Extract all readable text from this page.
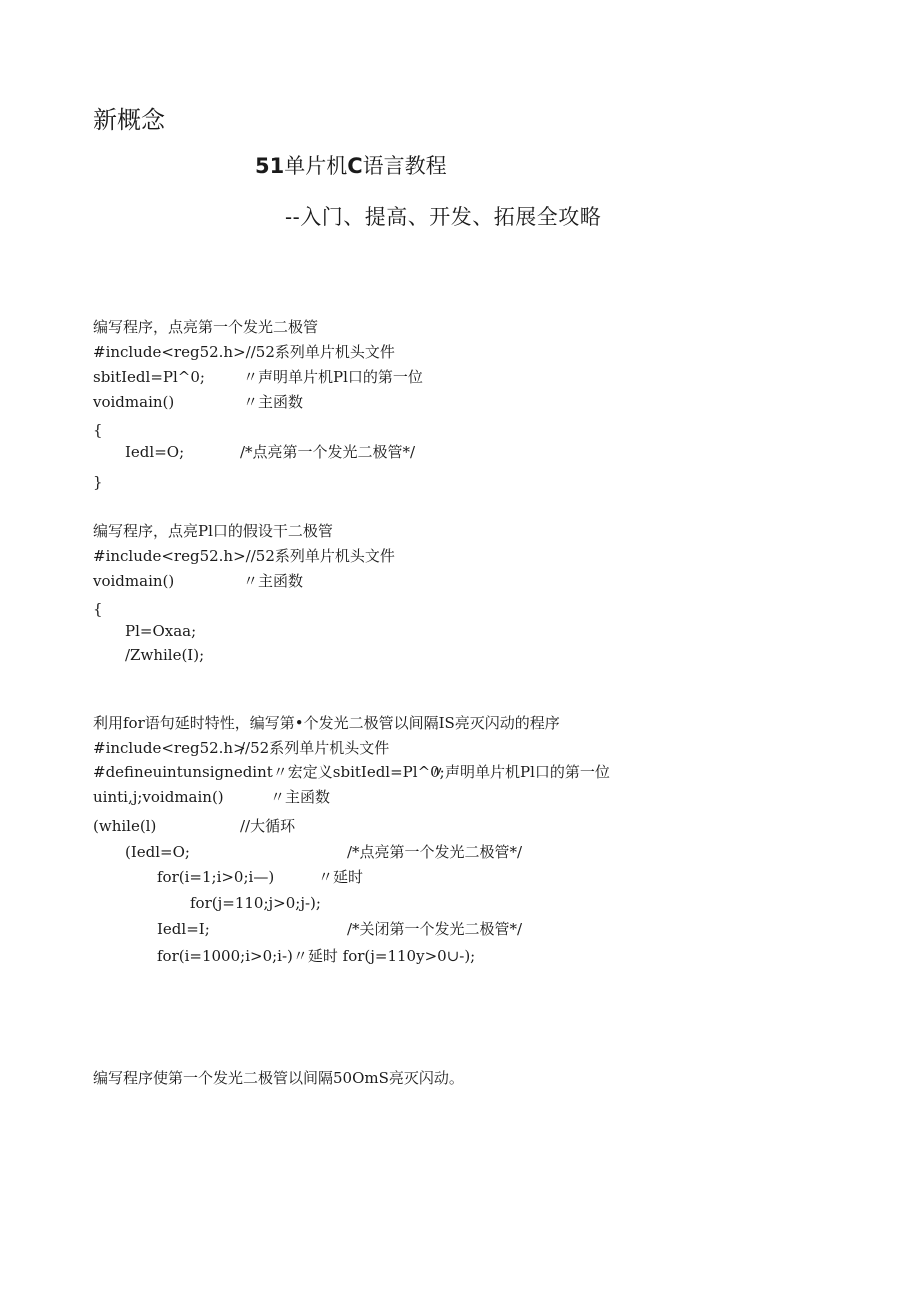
新概念
51单片机C语言教程
--入门、提高、开发、拓展全攻略
编写程序，点亮第一个发光二极管
#include<reg52.h>//52系列单片机头文件
sbitIedl=Pl^0;	〃声明单片机Pl口的第一位
voidmain()	〃主函数
{
Iedl=O;	/*点亮第一个发光二极管*/
}
编写程序，点亮Pl口的假设干二极管
#include<reg52.h>//52系列单片机头文件
voidmain()	〃主函数
{
Pl=Oxaa;
/Zwhile(I);
利用for语句延时特性，编写第•个发光二极管以间隔IS亮灭闪动的程序
#include<reg52.h>
//52系列单片机头文件
#defineuintunsignedint〃宏定义sbitIedl=Pl^0;
〃声明单片机Pl口的第一位
uinti,j;voidmain()	〃主函数
(while(l)	//大循环
(Iedl=O;	/*点亮第一个发光二极管*/
for(i=1;i>0;i—)	〃延时
for(j=110;j>0;j-);
Iedl=I;	/*关闭第一个发光二极管*/
for(i=1000;i>0;i-)〃延时 for(j=110y>0∪-);
编写程序使第一个发光二极管以间隔50OmS亮灭闪动。
